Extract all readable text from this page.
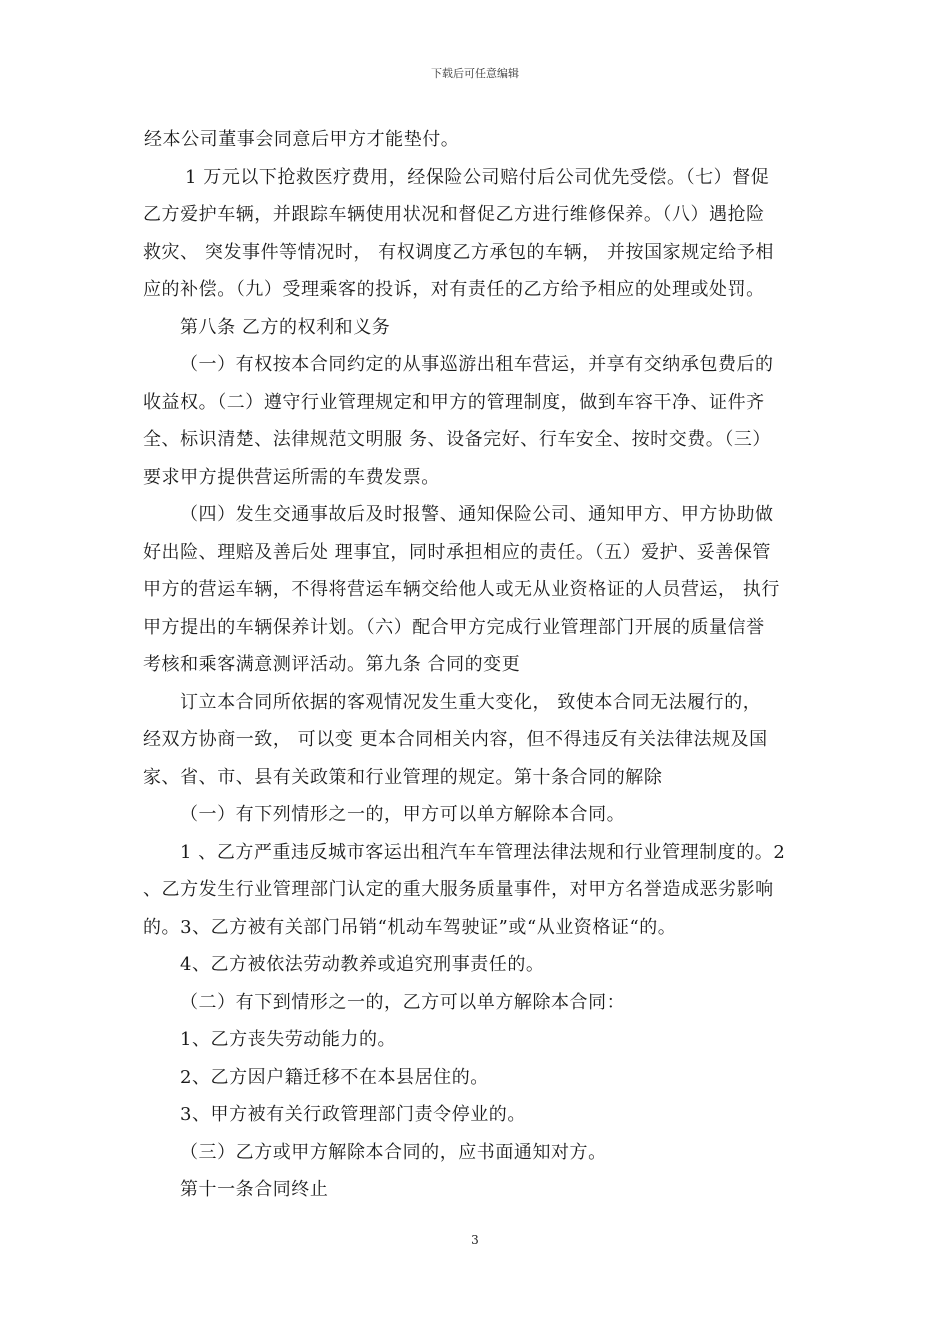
下载后可任意编辑
经本公司董事会同意后甲方才能垫付。
1 万元以下抢救医疗费用，经保险公司赔付后公司优先受偿。（七）督促
乙方爱护车辆，并跟踪车辆使用状况和督促乙方进行维修保养。（八）遇抢险
救灾、 突发事件等情况时， 有权调度乙方承包的车辆， 并按国家规定给予相
应的补偿。（九）受理乘客的投诉，对有责任的乙方给予相应的处理或处罚。
第八条 乙方的权利和义务
（一）有权按本合同约定的从事巡游出租车营运，并享有交纳承包费后的
收益权。（二）遵守行业管理规定和甲方的管理制度，做到车容干净、证件齐
全、标识清楚、法律规范文明服 务、设备完好、行车安全、按时交费。（三）
要求甲方提供营运所需的车费发票。
（四）发生交通事故后及时报警、通知保险公司、通知甲方、甲方协助做
好出险、理赔及善后处 理事宜，同时承担相应的责任。（五）爱护、妥善保管
甲方的营运车辆，不得将营运车辆交给他人或无从业资格证的人员营运， 执行
甲方提出的车辆保养计划。（六）配合甲方完成行业管理部门开展的质量信誉
考核和乘客满意测评活动。第九条 合同的变更
订立本合同所依据的客观情况发生重大变化， 致使本合同无法履行的，
经双方协商一致， 可以变 更本合同相关内容，但不得违反有关法律法规及国
家、省、市、县有关政策和行业管理的规定。第十条合同的解除
（一）有下列情形之一的，甲方可以单方解除本合同。
1 、乙方严重违反城市客运出租汽车车管理法律法规和行业管理制度的。2
、乙方发生行业管理部门认定的重大服务质量事件，对甲方名誉造成恶劣影响
的。3、乙方被有关部门吊销“机动车驾驶证”或“从业资格证“的。
4、乙方被依法劳动教养或追究刑事责任的。
（二）有下到情形之一的，乙方可以单方解除本合同：
1、乙方丧失劳动能力的。
2、乙方因户籍迁移不在本县居住的。
3、甲方被有关行政管理部门责令停业的。
（三）乙方或甲方解除本合同的，应书面通知对方。
第十一条合同终止
3
